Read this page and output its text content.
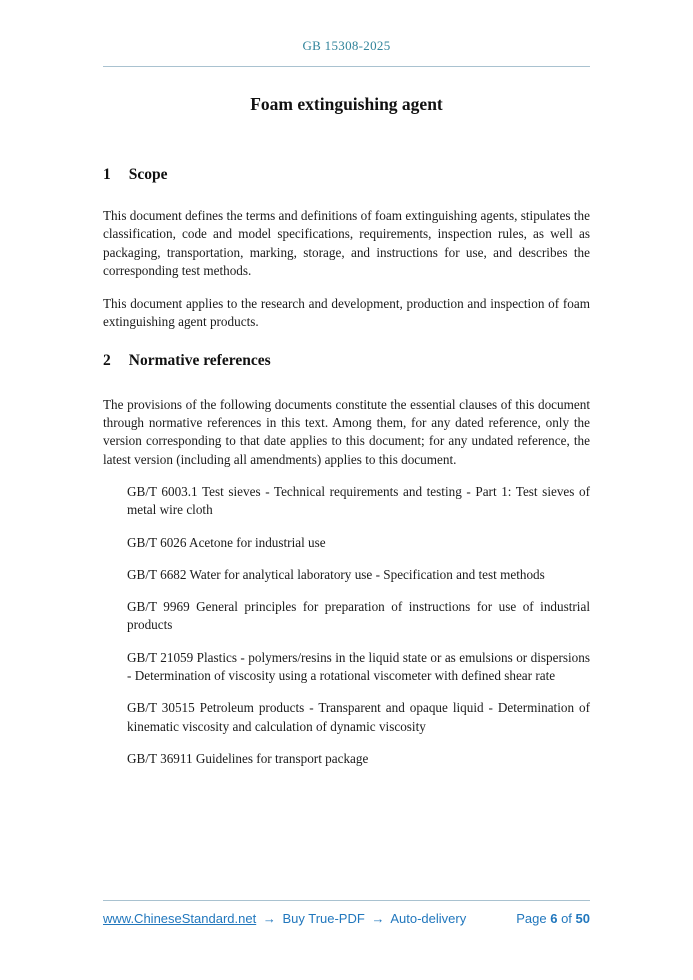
GB 15308-2025
Foam extinguishing agent
1 Scope
This document defines the terms and definitions of foam extinguishing agents, stipulates the classification, code and model specifications, requirements, inspection rules, as well as packaging, transportation, marking, storage, and instructions for use, and describes the corresponding test methods.
This document applies to the research and development, production and inspection of foam extinguishing agent products.
2 Normative references
The provisions of the following documents constitute the essential clauses of this document through normative references in this text. Among them, for any dated reference, only the version corresponding to that date applies to this document; for any undated reference, the latest version (including all amendments) applies to this document.
GB/T 6003.1 Test sieves - Technical requirements and testing - Part 1: Test sieves of metal wire cloth
GB/T 6026 Acetone for industrial use
GB/T 6682 Water for analytical laboratory use - Specification and test methods
GB/T 9969 General principles for preparation of instructions for use of industrial products
GB/T 21059 Plastics - polymers/resins in the liquid state or as emulsions or dispersions - Determination of viscosity using a rotational viscometer with defined shear rate
GB/T 30515 Petroleum products - Transparent and opaque liquid - Determination of kinematic viscosity and calculation of dynamic viscosity
GB/T 36911 Guidelines for transport package
www.ChineseStandard.net → Buy True-PDF → Auto-delivery	Page 6 of 50
